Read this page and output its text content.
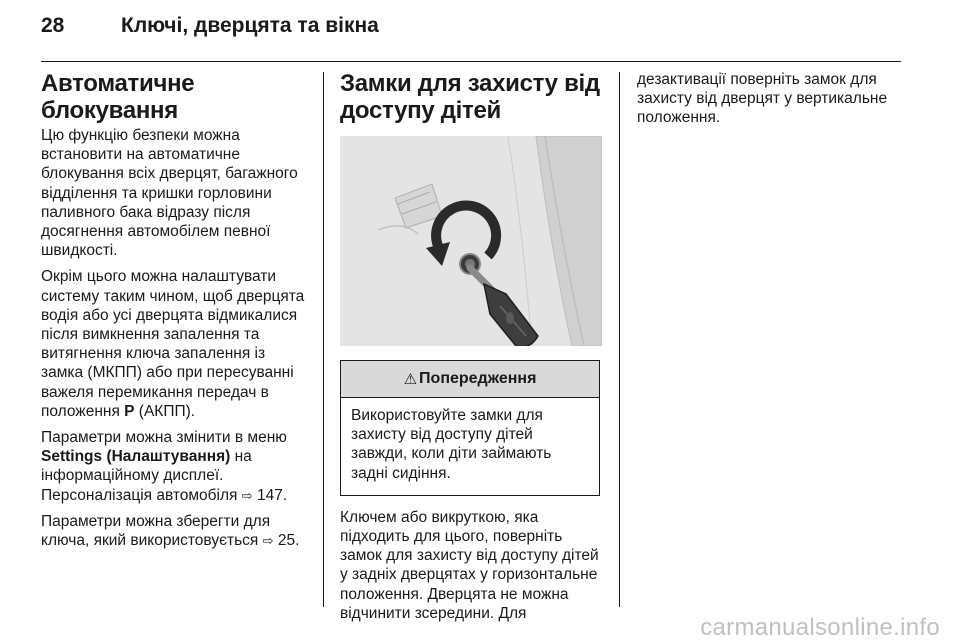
28	Ключі, дверцята та вікна
Автоматичне блокування

Цю функцію безпеки можна встановити на автоматичне блокування всіх дверцят, багажного відділення та кришки горловини паливного бака відразу після досягнення автомобілем певної швидкості.

Окрім цього можна налаштувати систему таким чином, щоб дверцята водія або усі дверцята відмикалися після вимкнення запалення та витягнення ключа запалення із замка (МКПП) або при пересуванні важеля перемикання передач в положення P (АКПП).

Параметри можна змінити в меню Settings (Налаштування) на інформаційному дисплеї. Персоналізація автомобіля ⇨ 147.

Параметри можна зберегти для ключа, який використовується ⇨ 25.

Замки для захисту від доступу дітей
⚠ Попередження
Використовуйте замки для захисту від доступу дітей завжди, коли діти займають задні сидіння.

Ключем або викруткою, яка підходить для цього, поверніть замок для захисту від доступу дітей у задніх дверцятах у горизонтальне положення. Дверцята не можна відчинити зсередини. Для

дезактивації поверніть замок для захисту від дверцят у вертикальне положення.

carmanualsonline.info
